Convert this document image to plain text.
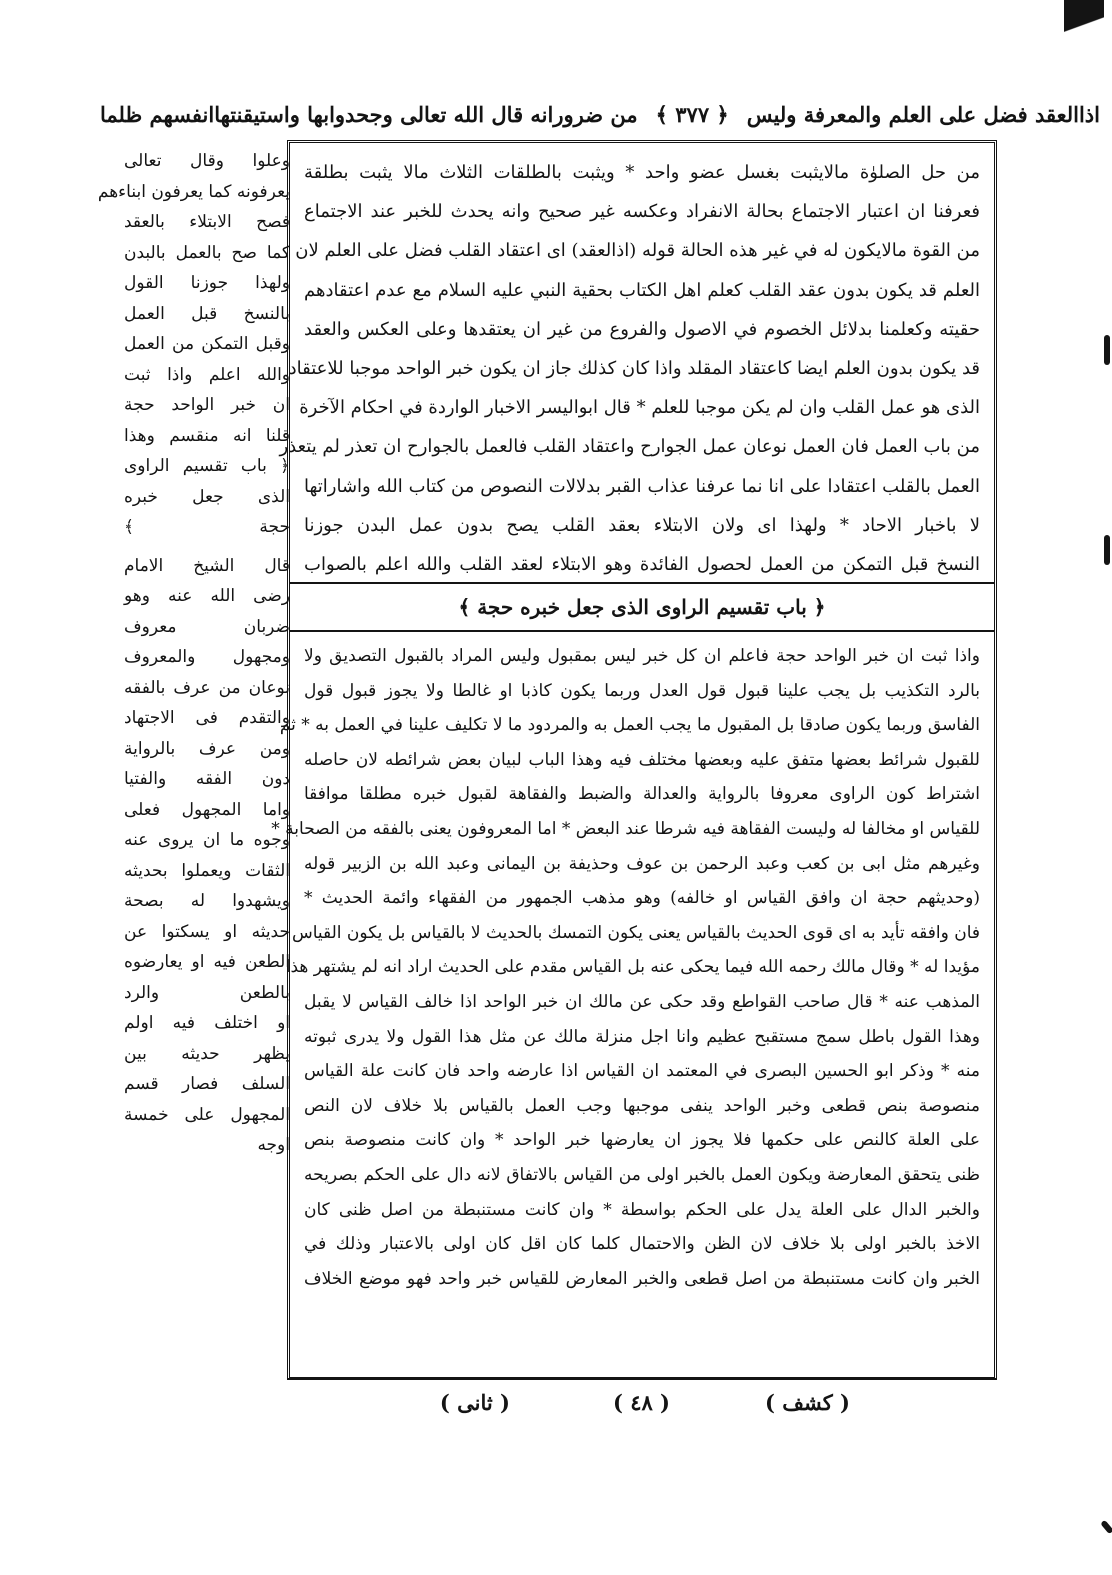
اذاالعقد فضل على العلم والمعرفة وليس
﴿ ٣٧٧ ﴾
من ضرورانه قال الله تعالى وجحدوابها واستيقنتهاانفسهم ظلما
من حل الصلوٰة مالايثبت بغسل عضو واحد * ويثبت بالطلقات الثلاث مالا يثبت بطلقة
فعرفنا ان اعتبار الاجتماع بحالة الانفراد وعكسه غير صحيح وانه يحدث للخبر عند الاجتماع
من القوة مالايكون له في غير هذه الحالة قوله (اذالعقد) اى اعتقاد القلب فضل على العلم لان
العلم قد يكون بدون عقد القلب كعلم اهل الكتاب بحقية النبي عليه السلام مع عدم اعتقادهم
حقيته وكعلمنا بدلائل الخصوم في الاصول والفروع من غير ان يعتقدها وعلى العكس والعقد
قد يكون بدون العلم ايضا كاعتقاد المقلد واذا كان كذلك جاز ان يكون خبر الواحد موجبا للاعتقاد
الذى هو عمل القلب وان لم يكن موجبا للعلم * قال ابواليسر الاخبار الواردة في احكام الآخرة
من باب العمل فان العمل نوعان عمل الجوارح واعتقاد القلب فالعمل بالجوارح ان تعذر لم يتعذر
العمل بالقلب اعتقادا على انا نما عرفنا عذاب القبر بدلالات النصوص من كتاب الله واشاراتها
لا باخبار الاحاد * ولهذا اى ولان الابتلاء بعقد القلب يصح بدون عمل البدن جوزنا
النسخ قبل التمكن من العمل لحصول الفائدة وهو الابتلاء لعقد القلب والله اعلم بالصواب
﴿ باب تقسيم الراوى الذى جعل خبره حجة ﴾
واذا ثبت ان خبر الواحد حجة فاعلم ان كل خبر ليس بمقبول وليس المراد بالقبول التصديق ولا
بالرد التكذيب بل يجب علينا قبول قول العدل وربما يكون كاذبا او غالطا ولا يجوز قبول قول
الفاسق وربما يكون صادقا بل المقبول ما يجب العمل به والمردود ما لا تكليف علينا في العمل به * ثم
للقبول شرائط بعضها متفق عليه وبعضها مختلف فيه وهذا الباب لبيان بعض شرائطه لان حاصله
اشتراط كون الراوى معروفا بالرواية والعدالة والضبط والفقاهة لقبول خبره مطلقا موافقا
للقياس او مخالفا له وليست الفقاهة فيه شرطا عند البعض * اما المعروفون يعنى بالفقه من الصحابة *
وغيرهم مثل ابى بن كعب وعبد الرحمن بن عوف وحذيفة بن اليمانى وعبد الله بن الزبير قوله
(وحديثهم حجة ان وافق القياس او خالفه) وهو مذهب الجمهور من الفقهاء وائمة الحديث *
فان وافقه تأيد به اى قوى الحديث بالقياس يعنى يكون التمسك بالحديث لا بالقياس بل يكون القياس
مؤيدا له * وقال مالك رحمه الله فيما يحكى عنه بل القياس مقدم على الحديث اراد انه لم يشتهر هذا
المذهب عنه * قال صاحب القواطع وقد حكى عن مالك ان خبر الواحد اذا خالف القياس لا يقبل
وهذا القول باطل سمج مستقبح عظيم وانا اجل منزلة مالك عن مثل هذا القول ولا يدرى ثبوته
منه * وذكر ابو الحسين البصرى في المعتمد ان القياس اذا عارضه واحد فان كانت علة القياس
منصوصة بنص قطعى وخبر الواحد ينفى موجبها وجب العمل بالقياس بلا خلاف لان النص
على العلة كالنص على حكمها فلا يجوز ان يعارضها خبر الواحد * وان كانت منصوصة بنص
ظنى يتحقق المعارضة ويكون العمل بالخبر اولى من القياس بالاتفاق لانه دال على الحكم بصريحه
والخبر الدال على العلة يدل على الحكم بواسطة * وان كانت مستنبطة من اصل ظنى كان
الاخذ بالخبر اولى بلا خلاف لان الظن والاحتمال كلما كان اقل كان اولى بالاعتبار وذلك في
الخبر وان كانت مستنبطة من اصل قطعى والخبر المعارض للقياس خبر واحد فهو موضع الخلاف
وعلوا وقال تعالى
يعرفونه كما يعرفون ابناءهم
فصح الابتلاء بالعقد
كما صح بالعمل بالبدن
ولهذا جوزنا القول
بالنسخ قبل العمل
وقبل التمكن من العمل
والله اعلم واذا ثبت
ان خبر الواحد حجة
قلنا انه منقسم وهذا
﴿ باب تقسيم الراوى
الذى جعل خبره
حجة ﴾
قال الشيخ الامام
رضى الله عنه وهو
ضربان معروف
ومجهول والمعروف
نوعان من عرف بالفقه
والتقدم فى الاجتهاد
ومن عرف بالرواية
دون الفقه والفتيا
واما المجهول فعلى
وجوه ما ان يروى عنه
الثقات ويعملوا بحديثه
ويشهدوا له بصحة
حديثه او يسكتوا عن
الطعن فيه او يعارضوه
بالطعن والرد
او اختلف فيه اولم
يظهر حديثه بين
السلف فصار قسم
المجهول على خمسة
اوجه
( كشف )
( ٤٨ )
( ثانى )
